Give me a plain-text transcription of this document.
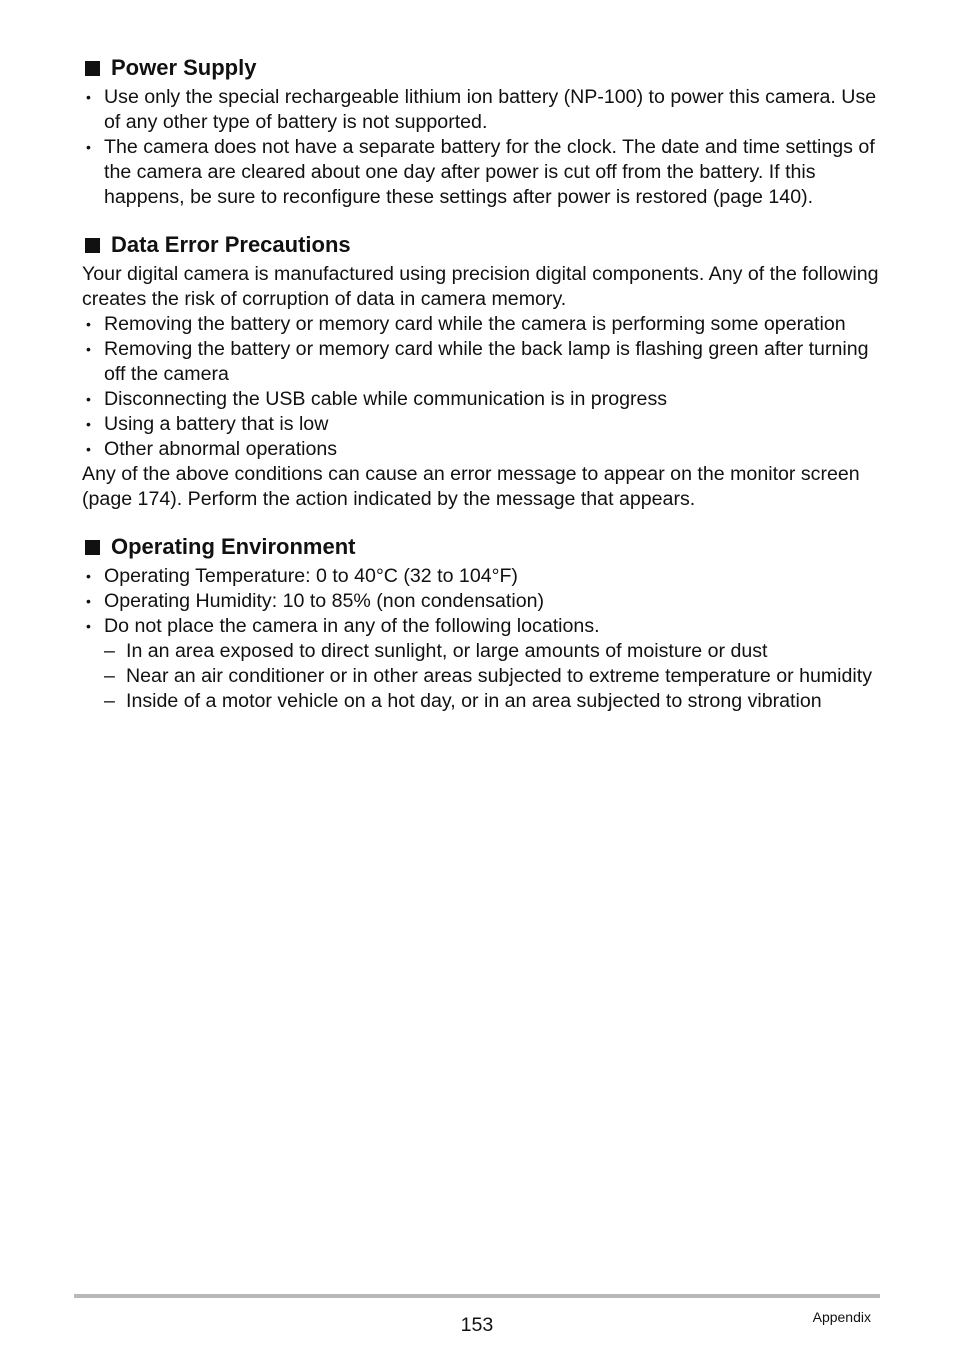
Power Supply
• Use only the special rechargeable lithium ion battery (NP-100) to power this camera. Use of any other type of battery is not supported.
• The camera does not have a separate battery for the clock. The date and time settings of the camera are cleared about one day after power is cut off from the battery. If this happens, be sure to reconfigure these settings after power is restored (page 140).
Data Error Precautions

Your digital camera is manufactured using precision digital components. Any of the following creates the risk of corruption of data in camera memory.

• Removing the battery or memory card while the camera is performing some operation
• Removing the battery or memory card while the back lamp is flashing green after turning off the camera
• Disconnecting the USB cable while communication is in progress
• Using a battery that is low
• Other abnormal operations

Any of the above conditions can cause an error message to appear on the monitor screen (page 174). Perform the action indicated by the message that appears.

Operating Environment
• Operating Temperature: 0 to 40°C (32 to 104°F)
• Operating Humidity: 10 to 85% (non condensation)
• Do not place the camera in any of the following locations.
– In an area exposed to direct sunlight, or large amounts of moisture or dust
– Near an air conditioner or in other areas subjected to extreme temperature or humidity
– Inside of a motor vehicle on a hot day, or in an area subjected to strong vibration
153	Appendix
